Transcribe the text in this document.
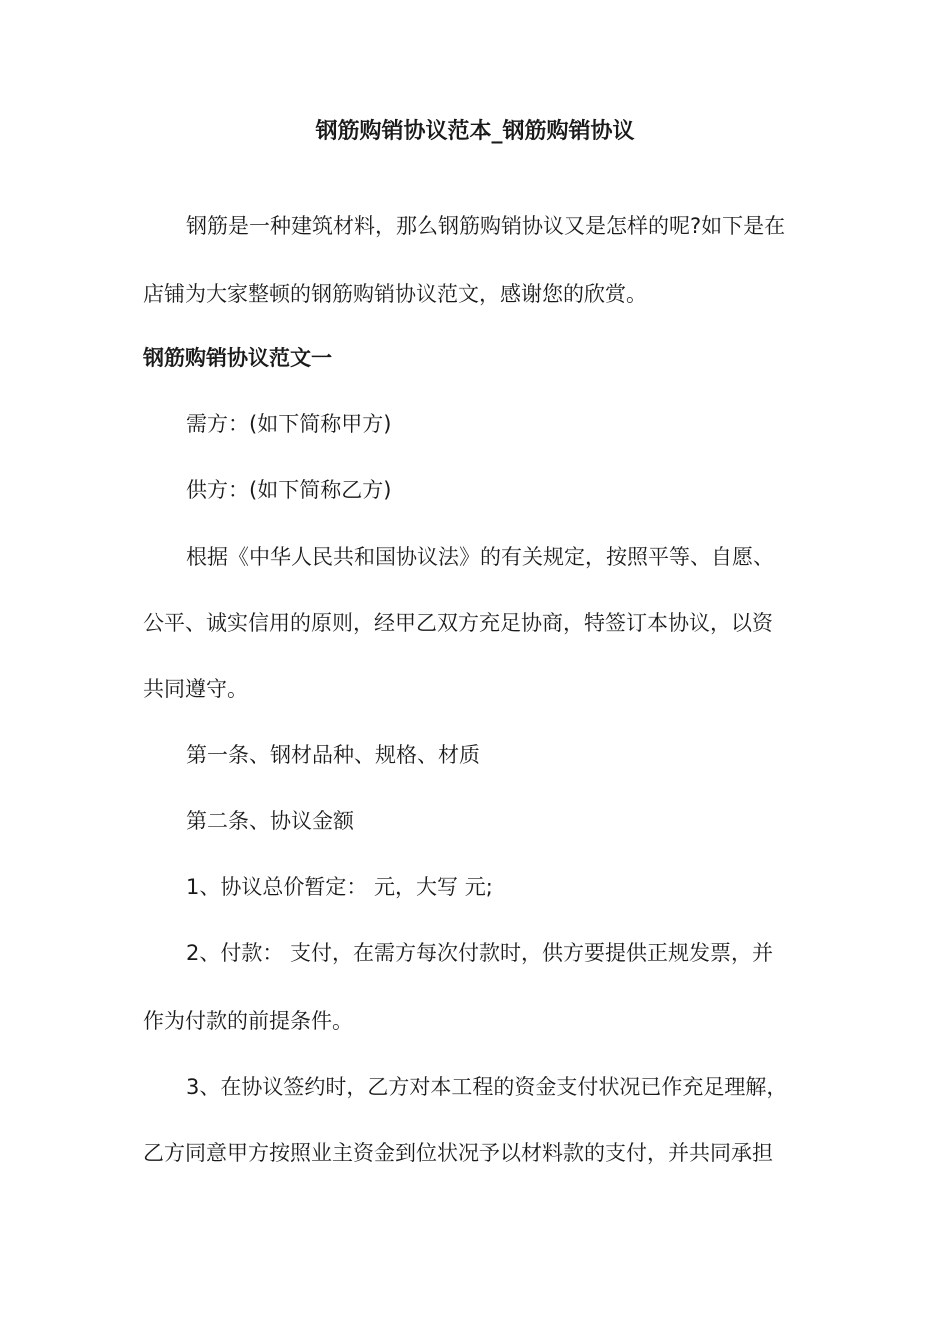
钢筋购销协议范本_钢筋购销协议
钢筋是一种建筑材料，那么钢筋购销协议又是怎样的呢?如下是在
店铺为大家整顿的钢筋购销协议范文，感谢您的欣赏。
钢筋购销协议范文一
需方：(如下简称甲方)
供方：(如下简称乙方)
根据《中华人民共和国协议法》的有关规定，按照平等、自愿、
公平、诚实信用的原则，经甲乙双方充足协商，特签订本协议，以资
共同遵守。
第一条、钢材品种、规格、材质
第二条、协议金额
1、协议总价暂定： 元，大写 元;
2、付款： 支付，在需方每次付款时，供方要提供正规发票，并
作为付款的前提条件。
3、在协议签约时，乙方对本工程的资金支付状况已作充足理解，
乙方同意甲方按照业主资金到位状况予以材料款的支付，并共同承担
